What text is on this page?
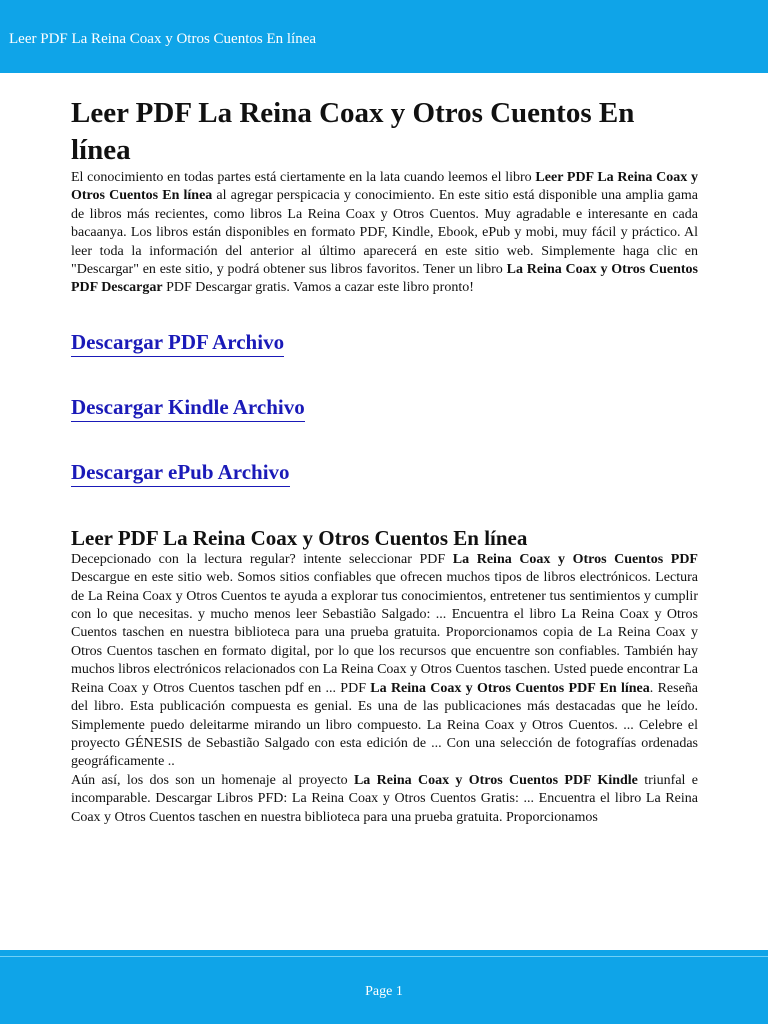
Leer PDF La Reina Coax y Otros Cuentos En línea
Leer PDF La Reina Coax y Otros Cuentos En línea

El conocimiento en todas partes está ciertamente en la lata cuando leemos el libro Leer PDF La Reina Coax y Otros Cuentos En línea al agregar perspicacia y conocimiento. En este sitio está disponible una amplia gama de libros más recientes, como libros La Reina Coax y Otros Cuentos. Muy agradable e interesante en cada bacaanya. Los libros están disponibles en formato PDF, Kindle, Ebook, ePub y mobi, muy fácil y práctico. Al leer toda la información del anterior al último aparecerá en este sitio web. Simplemente haga clic en "Descargar" en este sitio, y podrá obtener sus libros favoritos. Tener un libro La Reina Coax y Otros Cuentos PDF Descargar PDF Descargar gratis. Vamos a cazar este libro pronto!

Descargar PDF Archivo
Descargar Kindle Archivo
Descargar ePub Archivo
Leer PDF La Reina Coax y Otros Cuentos En línea

Decepcionado con la lectura regular? intente seleccionar PDF La Reina Coax y Otros Cuentos PDF Descargue en este sitio web. Somos sitios confiables que ofrecen muchos tipos de libros electrónicos. Lectura de La Reina Coax y Otros Cuentos te ayuda a explorar tus conocimientos, entretener tus sentimientos y cumplir con lo que necesitas. y mucho menos leer Sebastião Salgado: ... Encuentra el libro La Reina Coax y Otros Cuentos taschen en nuestra biblioteca para una prueba gratuita. Proporcionamos copia de La Reina Coax y Otros Cuentos taschen en formato digital, por lo que los recursos que encuentre son confiables. También hay muchos libros electrónicos relacionados con La Reina Coax y Otros Cuentos taschen. Usted puede encontrar La Reina Coax y Otros Cuentos taschen pdf en ... PDF La Reina Coax y Otros Cuentos PDF En línea. Reseña del libro. Esta publicación compuesta es genial. Es una de las publicaciones más destacadas que he leído. Simplemente puedo deleitarme mirando un libro compuesto. La Reina Coax y Otros Cuentos. ... Celebre el proyecto GÉNESIS de Sebastião Salgado con esta edición de ... Con una selección de fotografías ordenadas geográficamente ..

Aún así, los dos son un homenaje al proyecto La Reina Coax y Otros Cuentos PDF Kindle triunfal e incomparable. Descargar Libros PFD: La Reina Coax y Otros Cuentos Gratis: ... Encuentra el libro La Reina Coax y Otros Cuentos taschen en nuestra biblioteca para una prueba gratuita. Proporcionamos

Page 1
